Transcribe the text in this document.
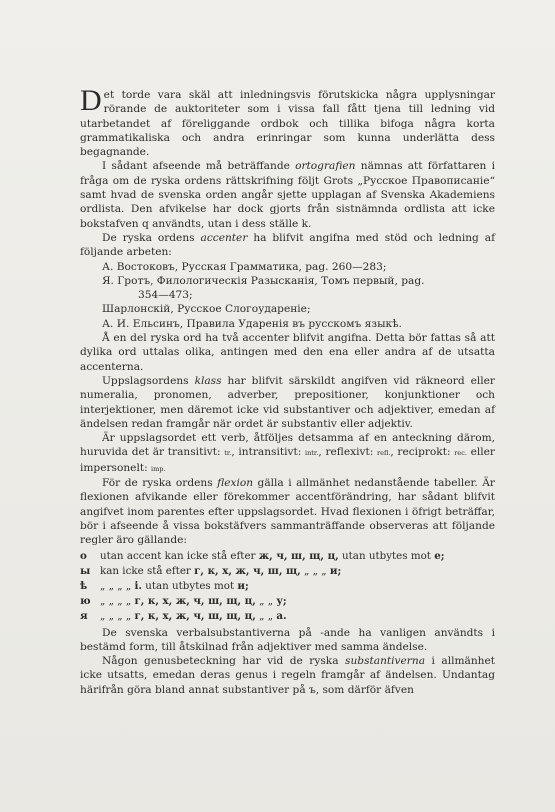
Det torde vara skäl att inledningsvis förutskicka några upplysningar rörande de auktoriteter som i vissa fall fått tjena till ledning vid utarbetandet af föreliggande ordbok och tillika bifoga några korta grammatikaliska och andra erinringar som kunna underlätta dess begagnande.

I sådant afseende må beträffande ortografien nämnas att författaren i fråga om de ryska ordens rättskrifning följt Grots „Русское Правописанiе“ samt hvad de svenska orden angår sjette upplagan af Svenska Akademiens ordlista. Den afvikelse har dock gjorts från sistnämnda ordlista att icke bokstafven q användts, utan i dess ställe k.

De ryska ordens accenter ha blifvit angifna med stöd och ledning af följande arbeten:

А. Востоковъ, Русская Грамматика, pag. 260—283;
Я. Гротъ, Филологическiя Разысканiя, Томъ первый, pag.
354—473;
Шарлонскiй, Русское Слогоударенiе;
А. И. Ельсинъ, Правила Ударенiя въ русскомъ языкѣ.

Å en del ryska ord ha två accenter blifvit angifna. Detta bör fattas så att dylika ord uttalas olika, antingen med den ena eller andra af de utsatta accenterna.

Uppslagsordens klass har blifvit särskildt angifven vid räkneord eller numeralia, pronomen, adverber, prepositioner, konjunktioner och interjektioner, men däremot icke vid substantiver och adjektiver, emedan af ändelsen redan framgår när ordet är substantiv eller adjektiv.

Är uppslagsordet ett verb, åtföljes detsamma af en anteckning därom, huruvida det är transitivt: tr., intransitivt: intr., reflexivt: refl., reciprokt: rec. eller impersonelt: imp.

För de ryska ordens flexion gälla i allmänhet nedanstående tabeller. Är flexionen afvikande eller förekommer accentförändring, har sådant blifvit angifvet inom parentes efter uppslagsordet. Hvad flexionen i öfrigt beträffar, bör i afseende å vissa bokstäfvers sammanträffande observeras att följande regler äro gällande:

о	utan accent kan icke stå efter ж, ч, ш, щ, ц, utan utbytes mot е;
ы	kan icke stå efter г, к, х, ж, ч, ш, щ, „ „ „ и;
ѣ	„ „ „ „ i. utan utbytes mot и;
ю	„ „ „ „ г, к, х, ж, ч, ш, щ, ц, „ „ у;
я	„ „ „ „ г, к, х, ж, ч, ш, щ, ц, „ „ а.

De svenska verbalsubstantiverna på -ande ha vanligen användts i bestämd form, till åtskilnad från adjektiver med samma ändelse.

Någon genusbeteckning har vid de ryska substantiverna i allmänhet icke utsatts, emedan deras genus i regeln framgår af ändelsen. Undantag härifrån göra bland annat substantiver på ъ, som därför äfven
